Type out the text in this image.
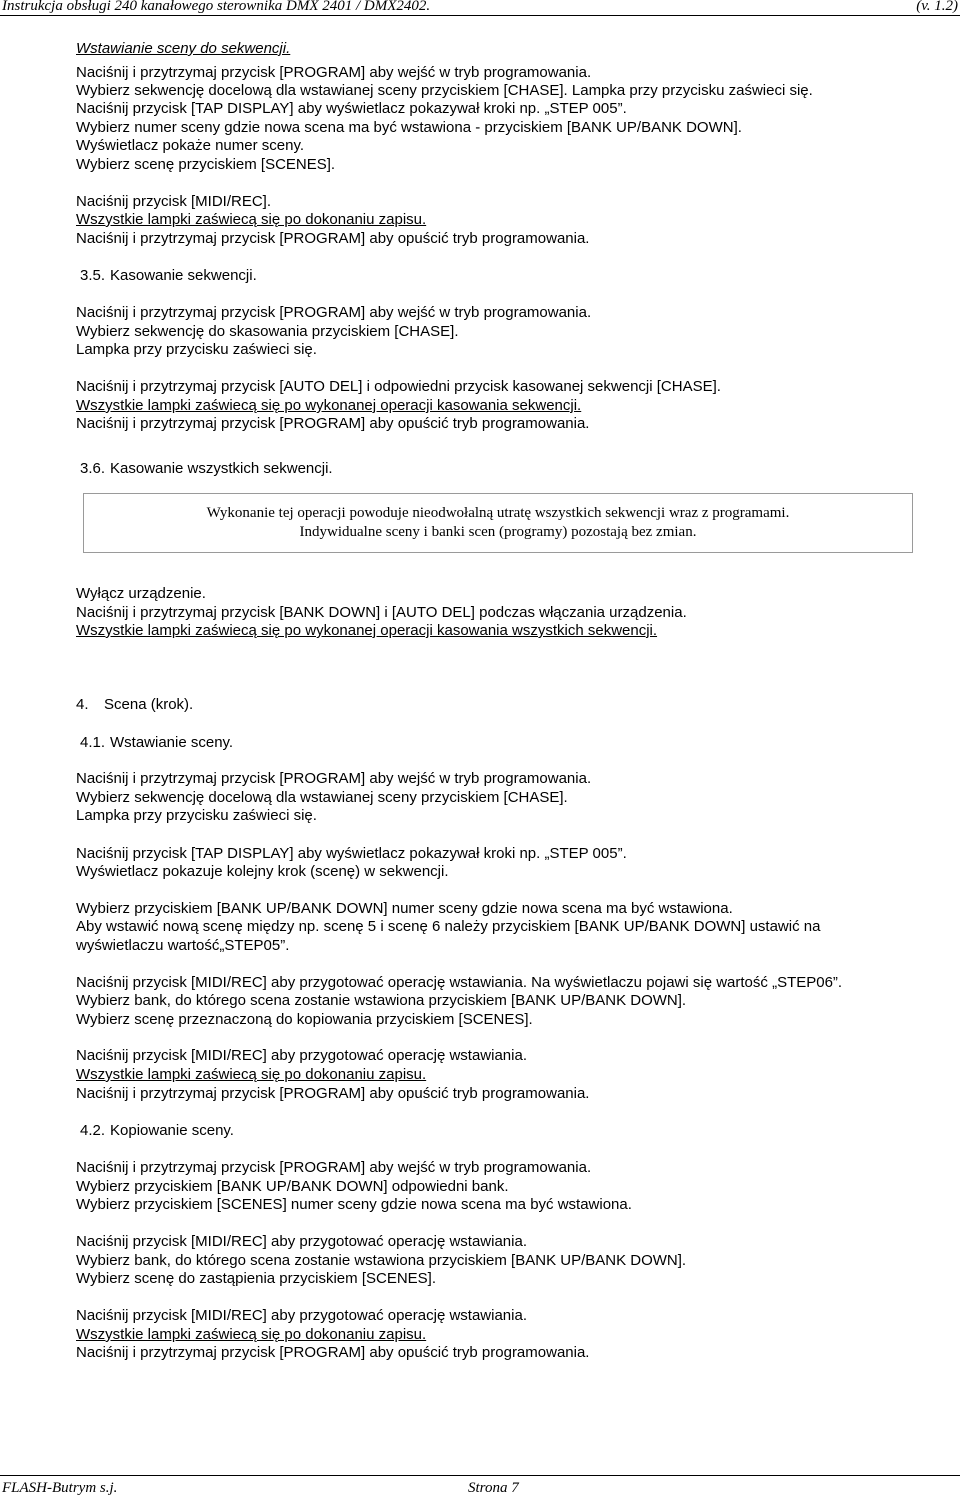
Instrukcja obsługi 240 kanałowego sterownika DMX 2401 / DMX2402.	(v. 1.2)
Wstawianie sceny do sekwencji.
Naciśnij i przytrzymaj przycisk [PROGRAM] aby wejść w tryb programowania.
Wybierz sekwencję docelową dla wstawianej sceny przyciskiem [CHASE]. Lampka przy przycisku zaświeci się.
Naciśnij przycisk [TAP DISPLAY] aby wyświetlacz pokazywał kroki np. „STEP 005”.
Wybierz numer sceny gdzie nowa scena ma być wstawiona - przyciskiem [BANK UP/BANK DOWN].
Wyświetlacz pokaże numer sceny.
Wybierz scenę przyciskiem [SCENES].
Naciśnij przycisk [MIDI/REC].
Wszystkie lampki zaświecą się po dokonaniu zapisu.
Naciśnij i przytrzymaj przycisk [PROGRAM] aby opuścić tryb programowania.
3.5. Kasowanie sekwencji.
Naciśnij i przytrzymaj przycisk [PROGRAM] aby wejść w tryb programowania.
Wybierz sekwencję do skasowania przyciskiem [CHASE].
Lampka przy przycisku zaświeci się.
Naciśnij i przytrzymaj przycisk [AUTO DEL] i odpowiedni przycisk kasowanej sekwencji [CHASE].
Wszystkie lampki zaświecą się po wykonanej operacji kasowania sekwencji.
Naciśnij i przytrzymaj przycisk [PROGRAM] aby opuścić tryb programowania.
3.6. Kasowanie wszystkich sekwencji.
Wykonanie tej operacji powoduje nieodwołalną utratę wszystkich sekwencji wraz z programami.
Indywidualne sceny i banki scen (programy) pozostają bez zmian.
Wyłącz urządzenie.
Naciśnij i przytrzymaj przycisk [BANK DOWN] i [AUTO DEL] podczas włączania urządzenia.
Wszystkie lampki zaświecą się po wykonanej operacji kasowania wszystkich sekwencji.
4. Scena (krok).
4.1. Wstawianie sceny.
Naciśnij i przytrzymaj przycisk [PROGRAM] aby wejść w tryb programowania.
Wybierz sekwencję docelową dla wstawianej sceny przyciskiem [CHASE].
Lampka przy przycisku zaświeci się.
Naciśnij przycisk [TAP DISPLAY] aby wyświetlacz pokazywał kroki np. „STEP 005”.
Wyświetlacz pokazuje kolejny krok (scenę) w sekwencji.
Wybierz przyciskiem [BANK UP/BANK DOWN] numer sceny gdzie nowa scena ma być wstawiona.
Aby wstawić nową scenę między np. scenę 5 i scenę 6 należy przyciskiem [BANK UP/BANK DOWN] ustawić na
wyświetlaczu wartość„STEP05”.
Naciśnij przycisk [MIDI/REC] aby przygotować operację wstawiania. Na wyświetlaczu pojawi się wartość „STEP06”.
Wybierz bank, do którego scena zostanie wstawiona przyciskiem [BANK UP/BANK DOWN].
Wybierz scenę przeznaczoną do kopiowania przyciskiem [SCENES].
Naciśnij przycisk [MIDI/REC] aby przygotować operację wstawiania.
Wszystkie lampki zaświecą się po dokonaniu zapisu.
Naciśnij i przytrzymaj przycisk [PROGRAM] aby opuścić tryb programowania.
4.2. Kopiowanie sceny.
Naciśnij i przytrzymaj przycisk [PROGRAM] aby wejść w tryb programowania.
Wybierz przyciskiem [BANK UP/BANK DOWN] odpowiedni bank.
Wybierz przyciskiem [SCENES] numer sceny gdzie nowa scena ma być wstawiona.
Naciśnij przycisk [MIDI/REC] aby przygotować operację wstawiania.
Wybierz bank, do którego scena zostanie wstawiona przyciskiem [BANK UP/BANK DOWN].
Wybierz scenę do zastąpienia przyciskiem [SCENES].
Naciśnij przycisk [MIDI/REC] aby przygotować operację wstawiania.
Wszystkie lampki zaświecą się po dokonaniu zapisu.
Naciśnij i przytrzymaj przycisk [PROGRAM] aby opuścić tryb programowania.
FLASH-Butrym s.j.	Strona 7
